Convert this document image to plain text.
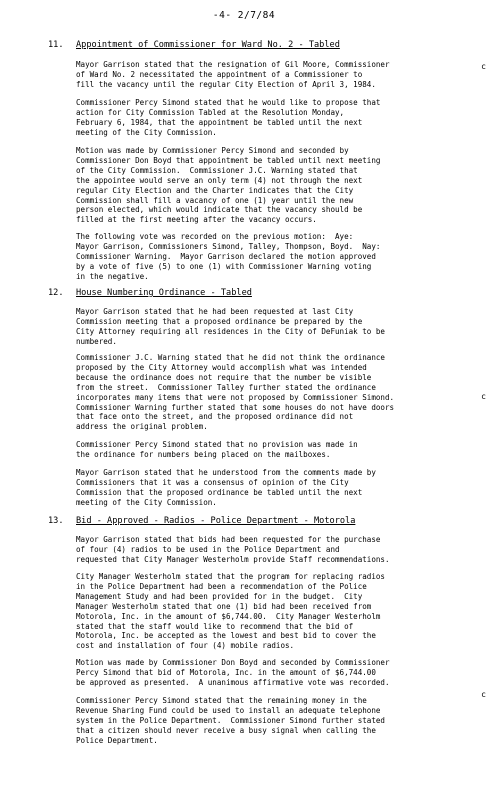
-4- 2/7/84
11. Appointment of Commissioner for Ward No. 2 - Tabled

Mayor Garrison stated that the resignation of Gil Moore, Commissioner
of Ward No. 2 necessitated the appointment of a Commissioner to
fill the vacancy until the regular City Election of April 3, 1984.

Commissioner Percy Simond stated that he would like to propose that
action for City Commission Tabled at the Resolution Monday,
February 6, 1984, that the appointment be tabled until the next
meeting of the City Commission.

Motion was made by Commissioner Percy Simond and seconded by
Commissioner Don Boyd that appointment be tabled until next meeting
of the City Commission.  Commissioner J.C. Warning stated that
the appointee would serve an only term (4) not through the next
regular City Election and the Charter indicates that the City
Commission shall fill a vacancy of one (1) year until the new
person elected, which would indicate that the vacancy should be
filled at the first meeting after the vacancy occurs.

The following vote was recorded on the previous motion:  Aye:
Mayor Garrison, Commissioners Simond, Talley, Thompson, Boyd.  Nay:
Commissioner Warning.  Mayor Garrison declared the motion approved
by a vote of five (5) to one (1) with Commissioner Warning voting
in the negative.

12. House Numbering Ordinance - Tabled

Mayor Garrison stated that he had been requested at last City
Commission meeting that a proposed ordinance be prepared by the
City Attorney requiring all residences in the City of DeFuniak to be
numbered.

Commissioner J.C. Warning stated that he did not think the ordinance
proposed by the City Attorney would accomplish what was intended
because the ordinance does not require that the number be visible
from the street.  Commissioner Talley further stated the ordinance
incorporates many items that were not proposed by Commissioner Simond.
Commissioner Warning further stated that some houses do not have doors
that face onto the street, and the proposed ordinance did not
address the original problem.

Commissioner Percy Simond stated that no provision was made in
the ordinance for numbers being placed on the mailboxes.

Mayor Garrison stated that he understood from the comments made by
Commissioners that it was a consensus of opinion of the City
Commission that the proposed ordinance be tabled until the next
meeting of the City Commission.

13. Bid - Approved - Radios - Police Department - Motorola

Mayor Garrison stated that bids had been requested for the purchase
of four (4) radios to be used in the Police Department and
requested that City Manager Westerholm provide Staff recommendations.

City Manager Westerholm stated that the program for replacing radios
in the Police Department had been a recommendation of the Police
Management Study and had been provided for in the budget.  City
Manager Westerholm stated that one (1) bid had been received from
Motorola, Inc. in the amount of $6,744.00.  City Manager Westerholm
stated that the staff would like to recommend that the bid of
Motorola, Inc. be accepted as the lowest and best bid to cover the
cost and installation of four (4) mobile radios.

Motion was made by Commissioner Don Boyd and seconded by Commissioner
Percy Simond that bid of Motorola, Inc. in the amount of $6,744.00
be approved as presented.  A unanimous affirmative vote was recorded.

Commissioner Percy Simond stated that the remaining money in the
Revenue Sharing Fund could be used to install an adequate telephone
system in the Police Department.  Commissioner Simond further stated
that a citizen should never receive a busy signal when calling the
Police Department.

c
c
c
